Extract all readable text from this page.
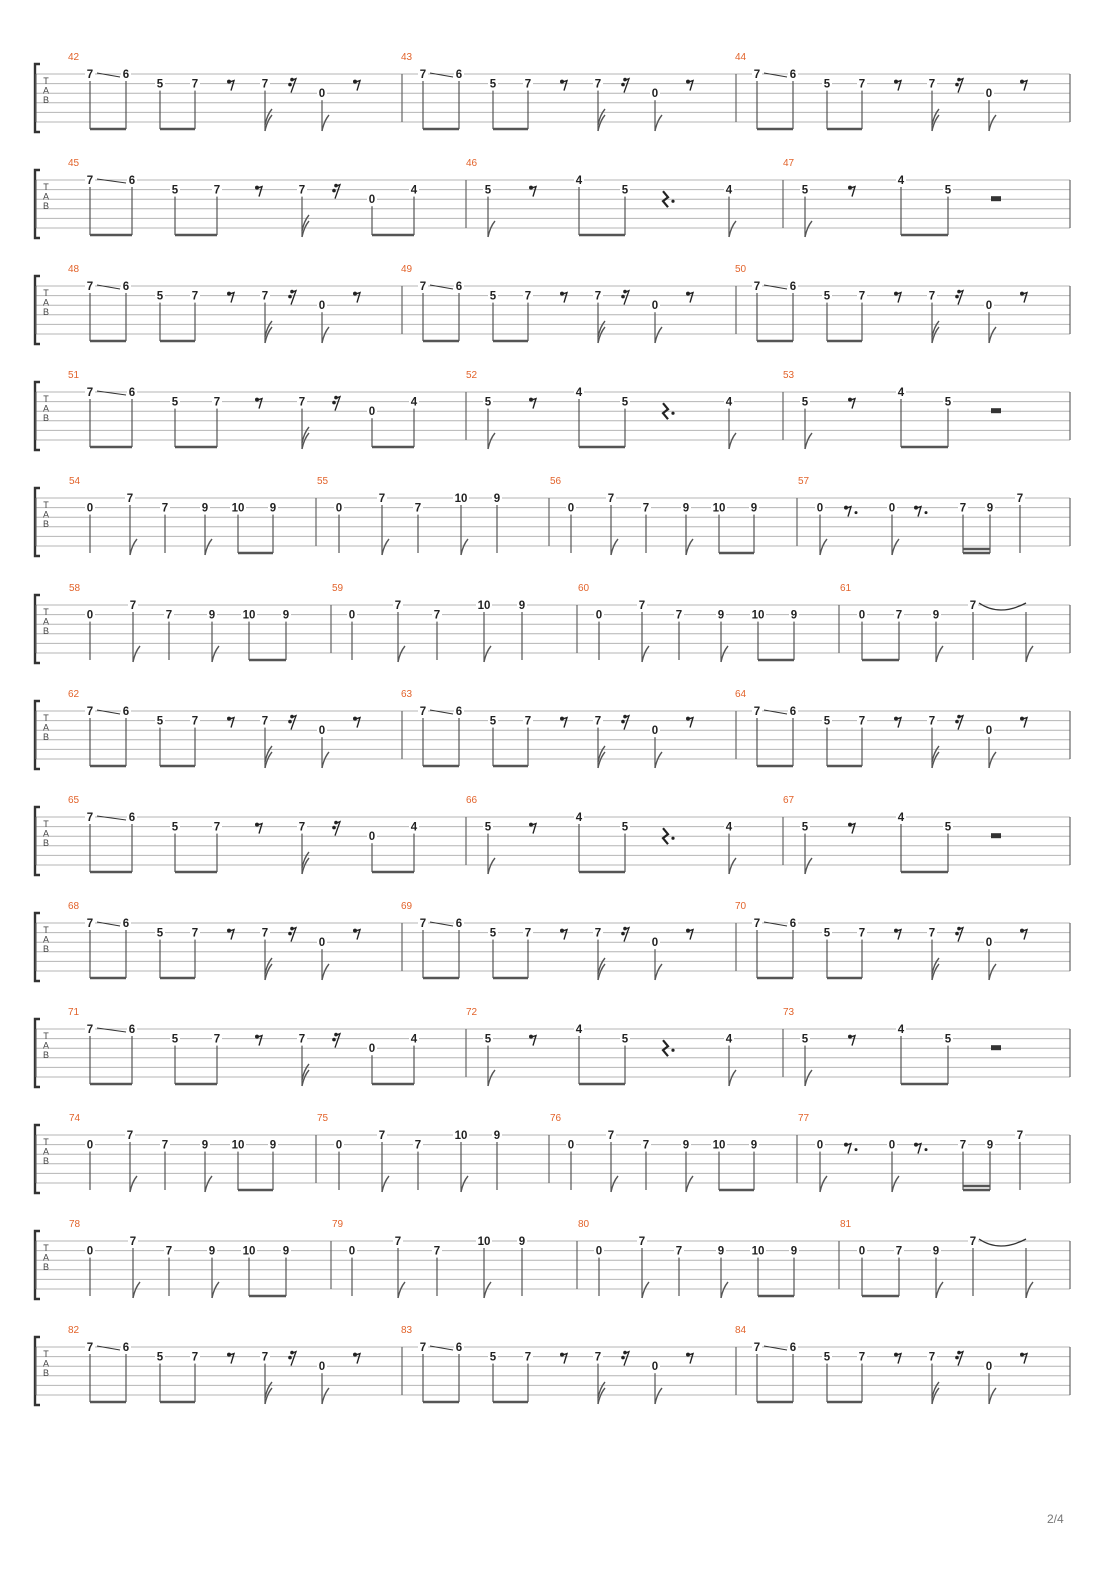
T
A
B
42
7	6
5 7	7
0
43
7	6
5 7	7
0
44
7	6
5 7	7
0
T
A
B
45
7	6
5	7	7
0
4
46
5
4
5	4
47
5
4
5
T
A
B
48
7	6
5 7	7
0
49
7	6
5 7	7
0
50
7	6
5 7	7
0
T
A
B
51
7	6
5	7	7
0
4
52
5
4
5	4
53
5
4
5
T
A
B
54
0
7
7	9 10 9
55
0
7
7
10 9
56
0
7
7	9 10 9
57
0	0	7 9
7
T
A
B
58
0
7
7	9 10 9
59
0
7
7
10 9
60
0
7
7	9 10 9
61
0	7	9
7
T
A
B
62
7	6
5 7	7
0
63
7	6
5 7	7
0
64
7	6
5 7	7
0
T
A
B
65
7	6
5	7	7
0
4
66
5
4
5	4
67
5
4
5
T
A
B
68
7	6
5 7	7
0
69
7	6
5 7	7
0
70
7	6
5 7	7
0
T
A
B
71
7	6
5	7	7
0
4
72
5
4
5	4
73
5
4
5
T
A
B
74
0
7
7	9 10 9
75
0
7
7
10 9
76
0
7
7	9 10 9
77
0	0	7 9
7
T
A
B
78
0
7
7	9 10 9
79
0
7
7
10 9
80
0
7
7	9 10 9
81
0	7	9
7
T
A
B
82
7	6
5 7	7
0
83
7	6
5 7	7
0
84
7	6
5 7	7
0
2/4
